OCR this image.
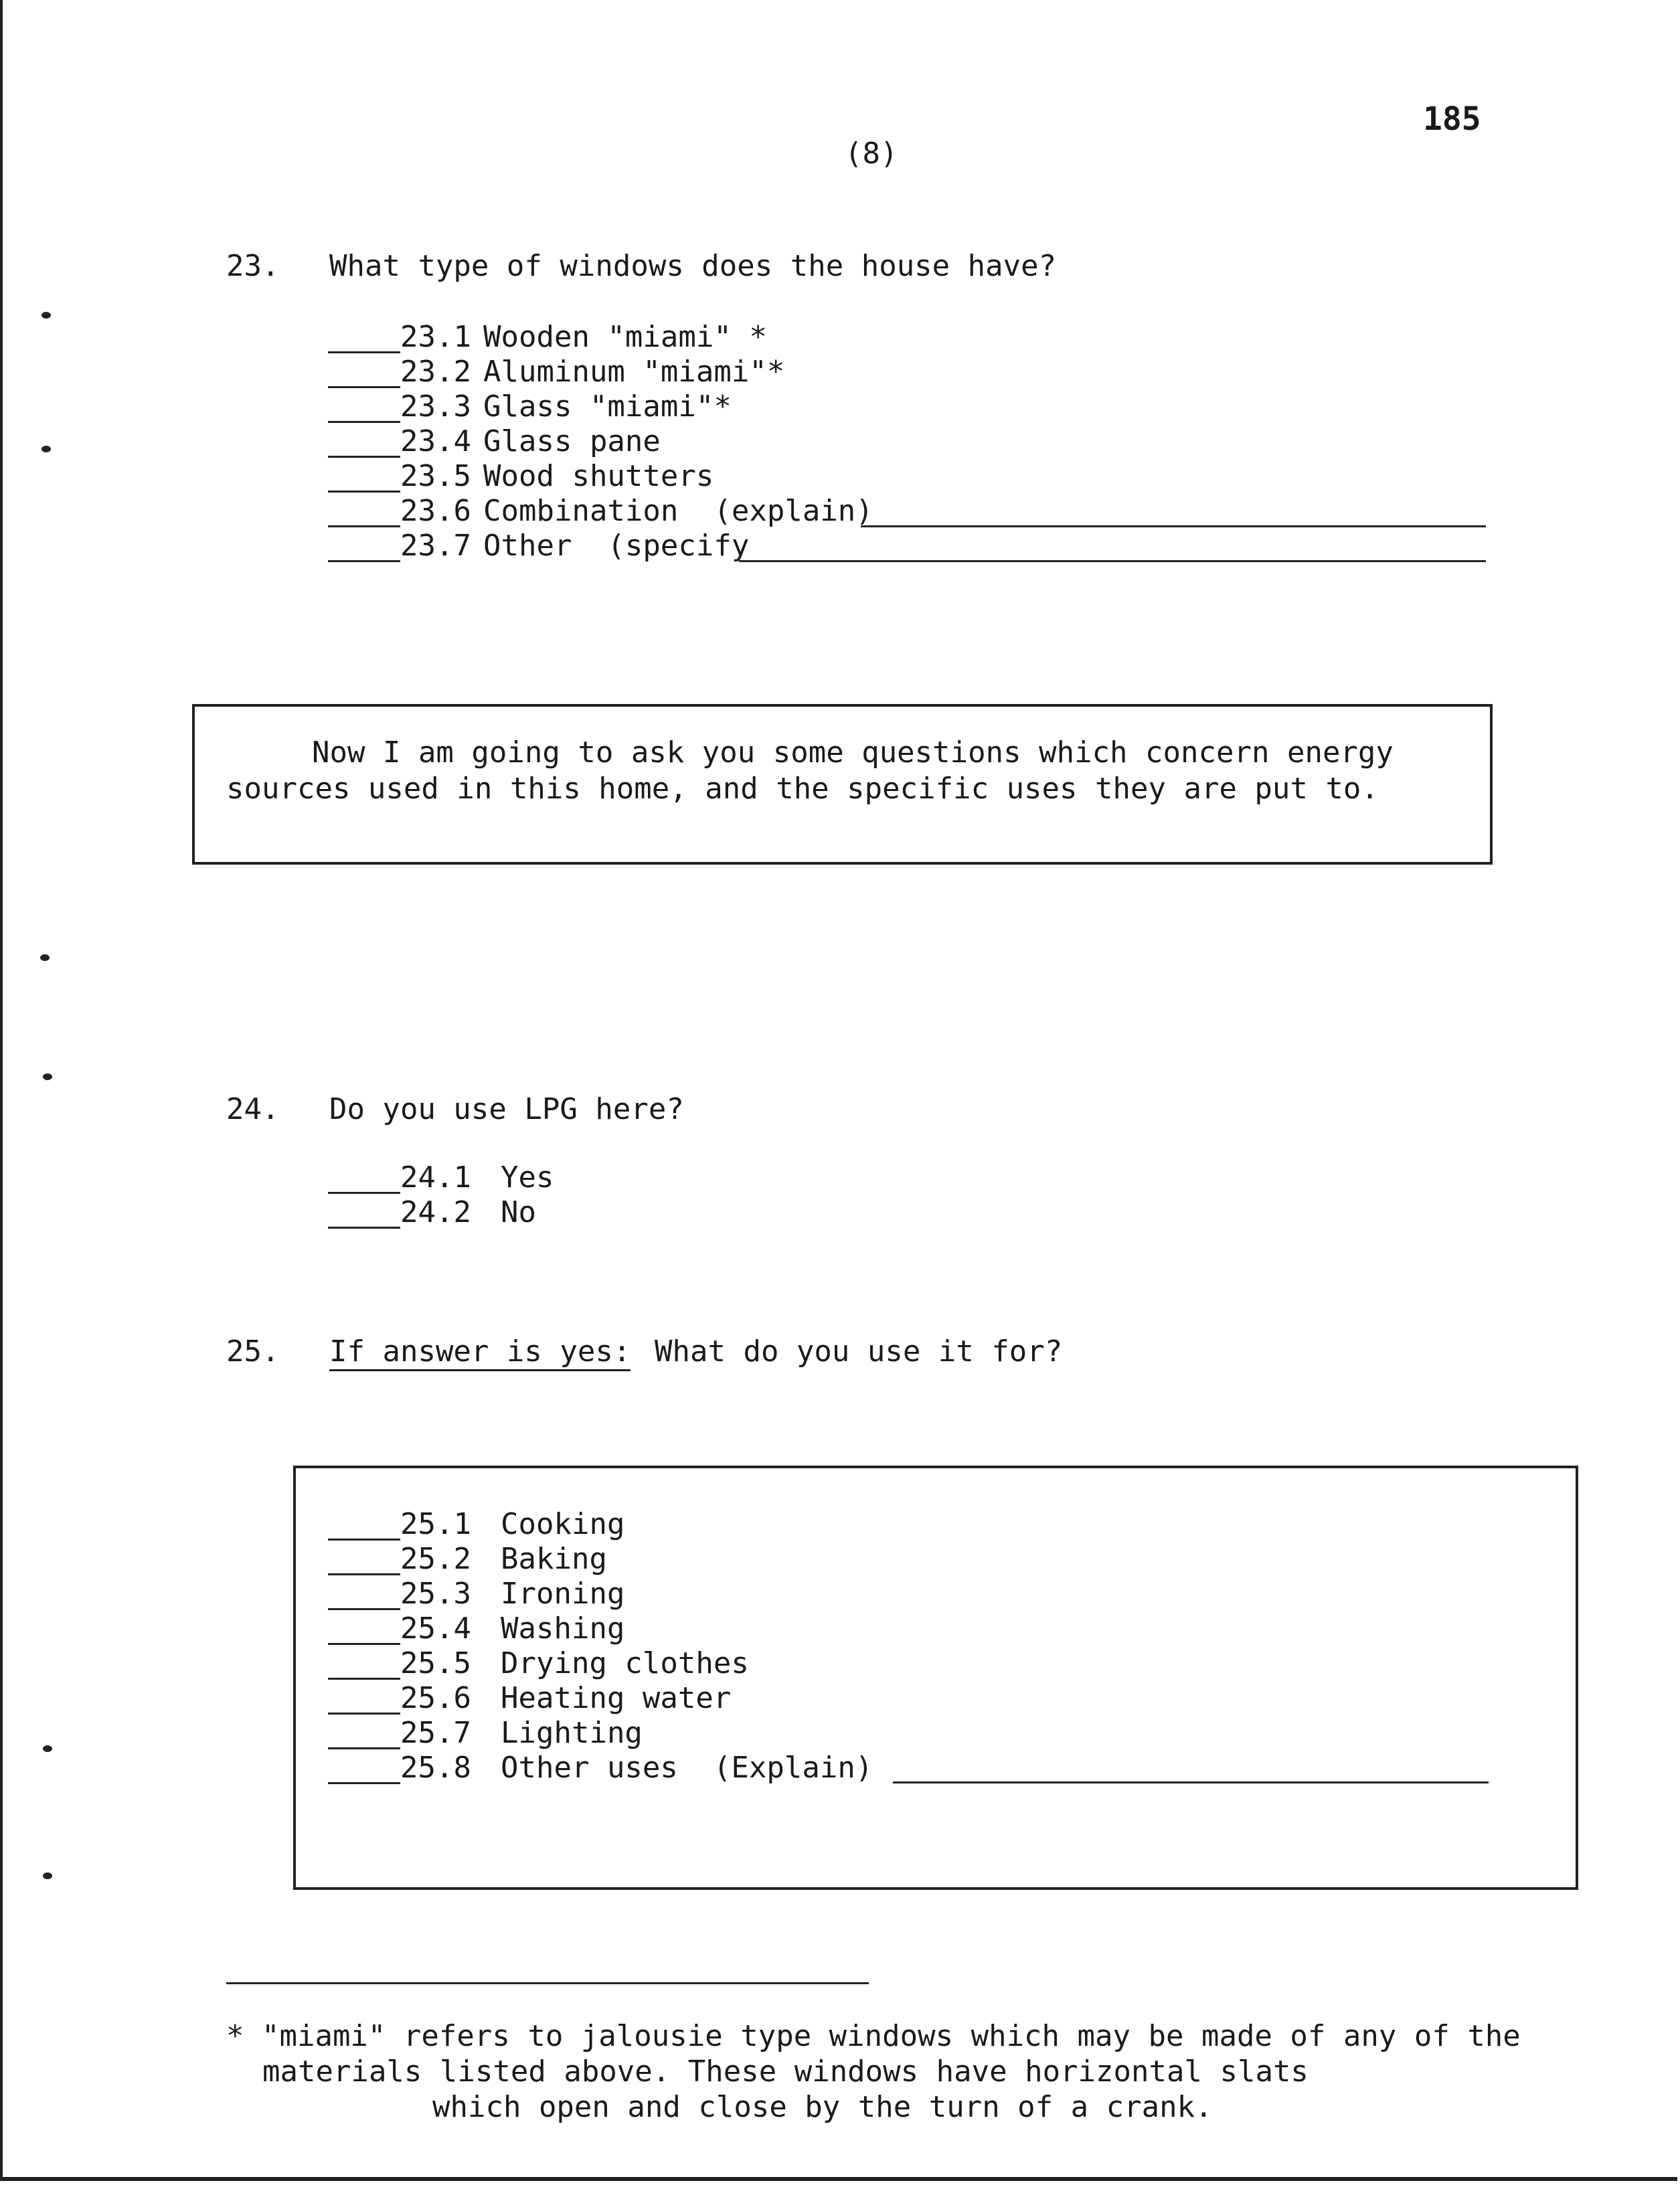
185
(8)
23. What type of windows does the house have?
23.1 Wooden "miami" *
23.2 Aluminum "miami"*
23.3 Glass "miami"*
23.4 Glass pane
23.5 Wood shutters
23.6 Combination  (explain)
23.7 Other  (specify
Now I am going to ask you some questions which concern energy
sources used in this home, and the specific uses they are put to.
24. Do you use LPG here?
24.1 Yes
24.2 No
25. If answer is yes: What do you use it for?
25.1 Cooking
25.2 Baking
25.3 Ironing
25.4 Washing
25.5 Drying clothes
25.6 Heating water
25.7 Lighting
25.8 Other uses  (Explain)
* "miami" refers to jalousie type windows which may be made of any of the
materials listed above. These windows have horizontal slats
which open and close by the turn of a crank.
